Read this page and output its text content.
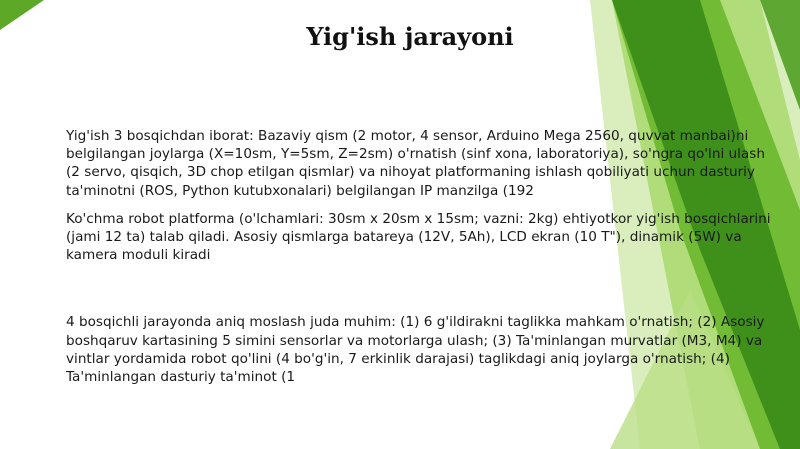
Yig'ish jarayoni

Yig'ish 3 bosqichdan iborat: Bazaviy qism (2 motor, 4 sensor, Arduino Mega 2560, quvvat manbai)ni belgilangan joylarga (X=10sm, Y=5sm, Z=2sm) o'rnatish (sinf xona, laboratoriya), so'ngra qo'lni ulash (2 servo, qisqich, 3D chop etilgan qismlar) va nihoyat platformaning ishlash qobiliyati uchun dasturiy ta'minotni (ROS, Python kutubxonalari) belgilangan IP manzilga (192

Ko'chma robot platforma (o'lchamlari: 30sm x 20sm x 15sm; vazni: 2kg) ehtiyotkor yig'ish bosqichlarini (jami 12 ta) talab qiladi. Asosiy qismlarga batareya (12V, 5Ah), LCD ekran (10 T"), dinamik (5W) va kamera moduli kiradi

4 bosqichli jarayonda aniq moslash juda muhim: (1) 6 g'ildirakni taglikka mahkam o'rnatish; (2) Asosiy boshqaruv kartasining 5 simini sensorlar va motorlarga ulash; (3) Ta'minlangan murvatlar (M3, M4) va vintlar yordamida robot qo'lini (4 bo'g'in, 7 erkinlik darajasi) taglikdagi aniq joylarga o'rnatish; (4) Ta'minlangan dasturiy ta'minot (1
